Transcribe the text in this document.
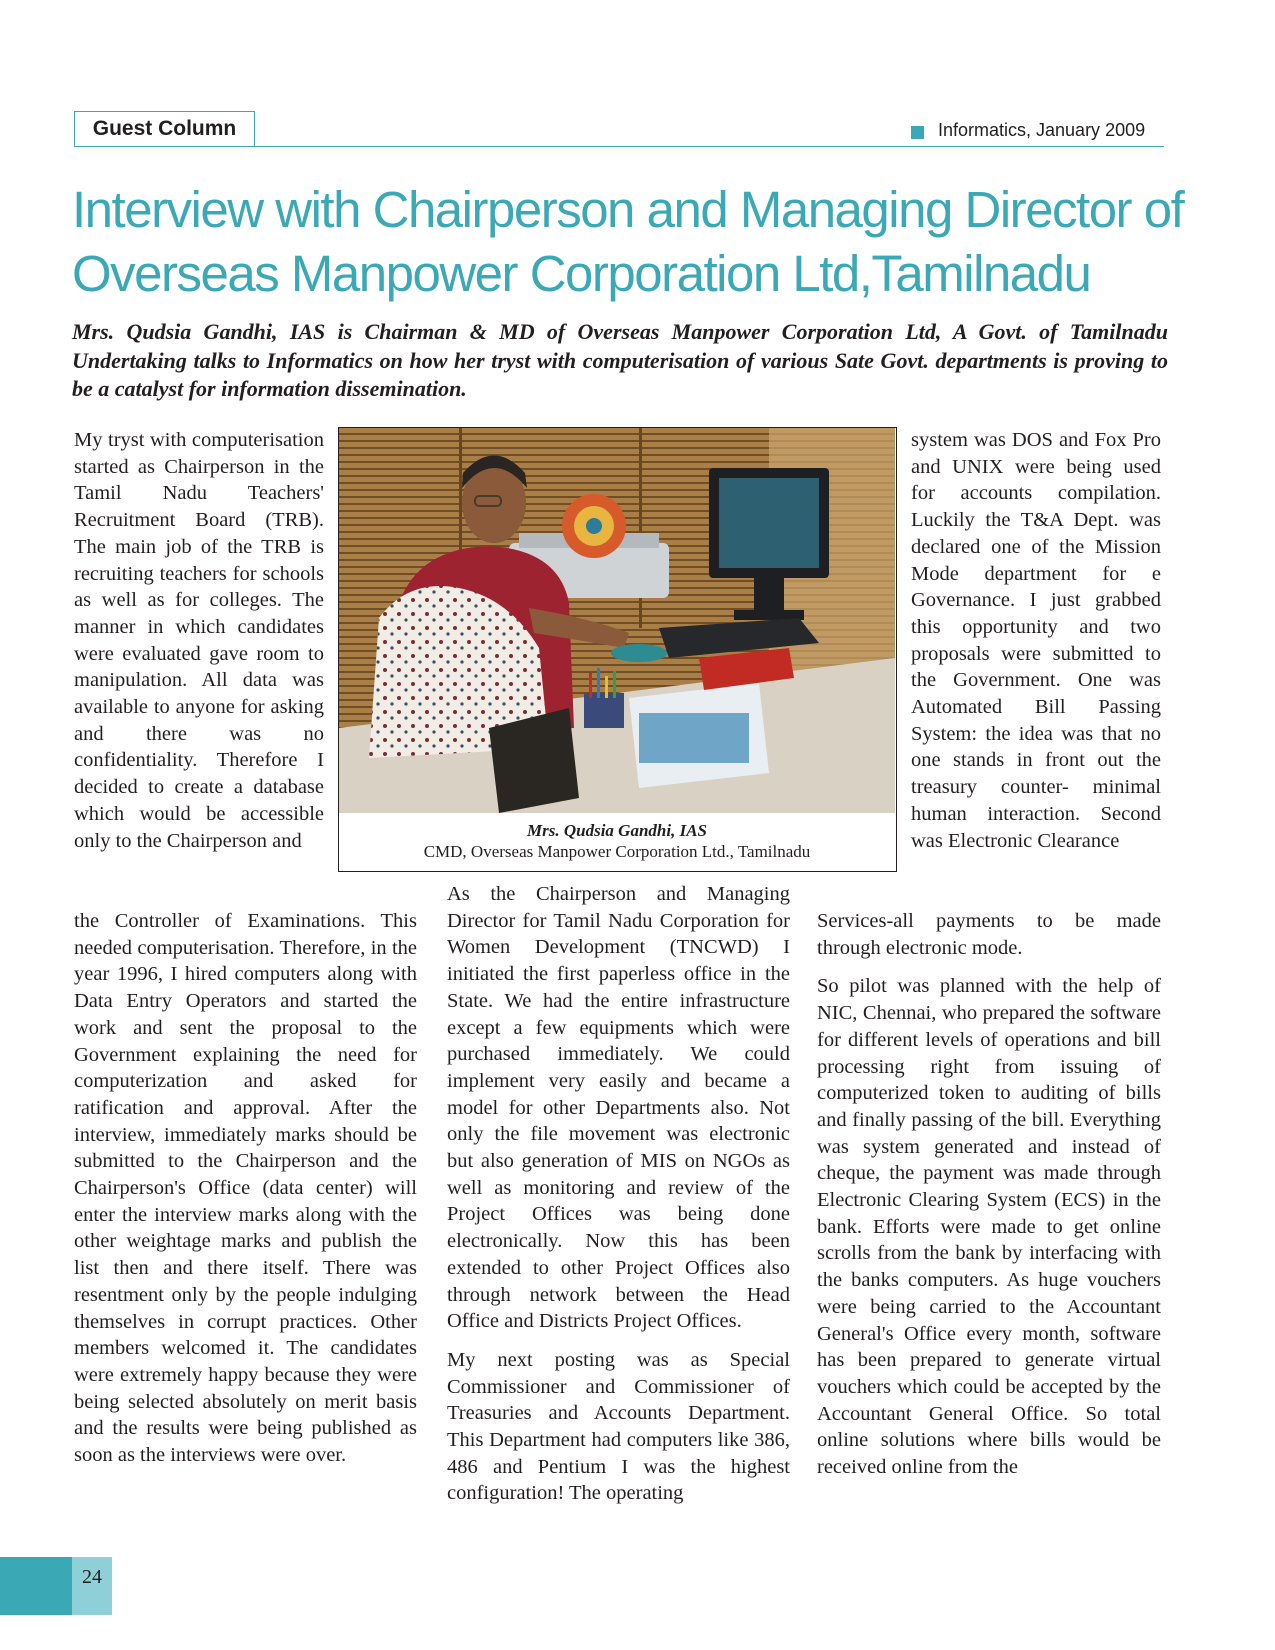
Guest Column	Informatics, January 2009
Interview with Chairperson and Managing Director of
Overseas Manpower Corporation Ltd,Tamilnadu
Mrs. Qudsia Gandhi, IAS is Chairman & MD of Overseas Manpower Corporation Ltd, A Govt. of Tamilnadu Undertaking talks to Informatics on how her tryst with computerisation of various Sate Govt. departments is proving to be a catalyst for information dissemination.

My tryst with computerisation started as Chairperson in the Tamil Nadu Teachers' Recruitment Board (TRB). The main job of the TRB is recruiting teachers for schools as well as for colleges. The manner in which candidates were evaluated gave room to manipulation. All data was available to anyone for asking and there was no confidentiality. Therefore I decided to create a database which would be accessible only to the Chairperson and

the Controller of Examinations. This needed computerisation. Therefore, in the year 1996, I hired computers along with Data Entry Operators and started the work and sent the proposal to the Government explaining the need for computerization and asked for ratification and approval. After the interview, immediately marks should be submitted to the Chairperson and the Chairperson's Office (data center) will enter the interview marks along with the other weightage marks and publish the list then and there itself. There was resentment only by the people indulging themselves in corrupt practices. Other members welcomed it. The candidates were extremely happy because they were being selected absolutely on merit basis and the results were being published as soon as the interviews were over.

Mrs. Qudsia Gandhi, IAS
CMD, Overseas Manpower Corporation Ltd., Tamilnadu

As the Chairperson and Managing Director for Tamil Nadu Corporation for Women Development (TNCWD) I initiated the first paperless office in the State. We had the entire infrastructure except a few equipments which were purchased immediately. We could implement very easily and became a model for other Departments also. Not only the file movement was electronic but also generation of MIS on NGOs as well as monitoring and review of the Project Offices was being done electronically. Now this has been extended to other Project Offices also through network between the Head Office and Districts Project Offices.

My next posting was as Special Commissioner and Commissioner of Treasuries and Accounts Department. This Department had computers like 386, 486 and Pentium I was the highest configuration! The operating

system was DOS and Fox Pro and UNIX were being used for accounts compilation. Luckily the T&A Dept. was declared one of the Mission Mode department for e Governance. I just grabbed this opportunity and two proposals were submitted to the Government. One was Automated Bill Passing System: the idea was that no one stands in front out the treasury counter- minimal human interaction. Second was Electronic Clearance

Services-all payments to be made through electronic mode.

So pilot was planned with the help of NIC, Chennai, who prepared the software for different levels of operations and bill processing right from issuing of computerized token to auditing of bills and finally passing of the bill. Everything was system generated and instead of cheque, the payment was made through Electronic Clearing System (ECS) in the bank. Efforts were made to get online scrolls from the bank by interfacing with the banks computers. As huge vouchers were being carried to the Accountant General's Office every month, software has been prepared to generate virtual vouchers which could be accepted by the Accountant General Office. So total online solutions where bills would be received online from the

24
